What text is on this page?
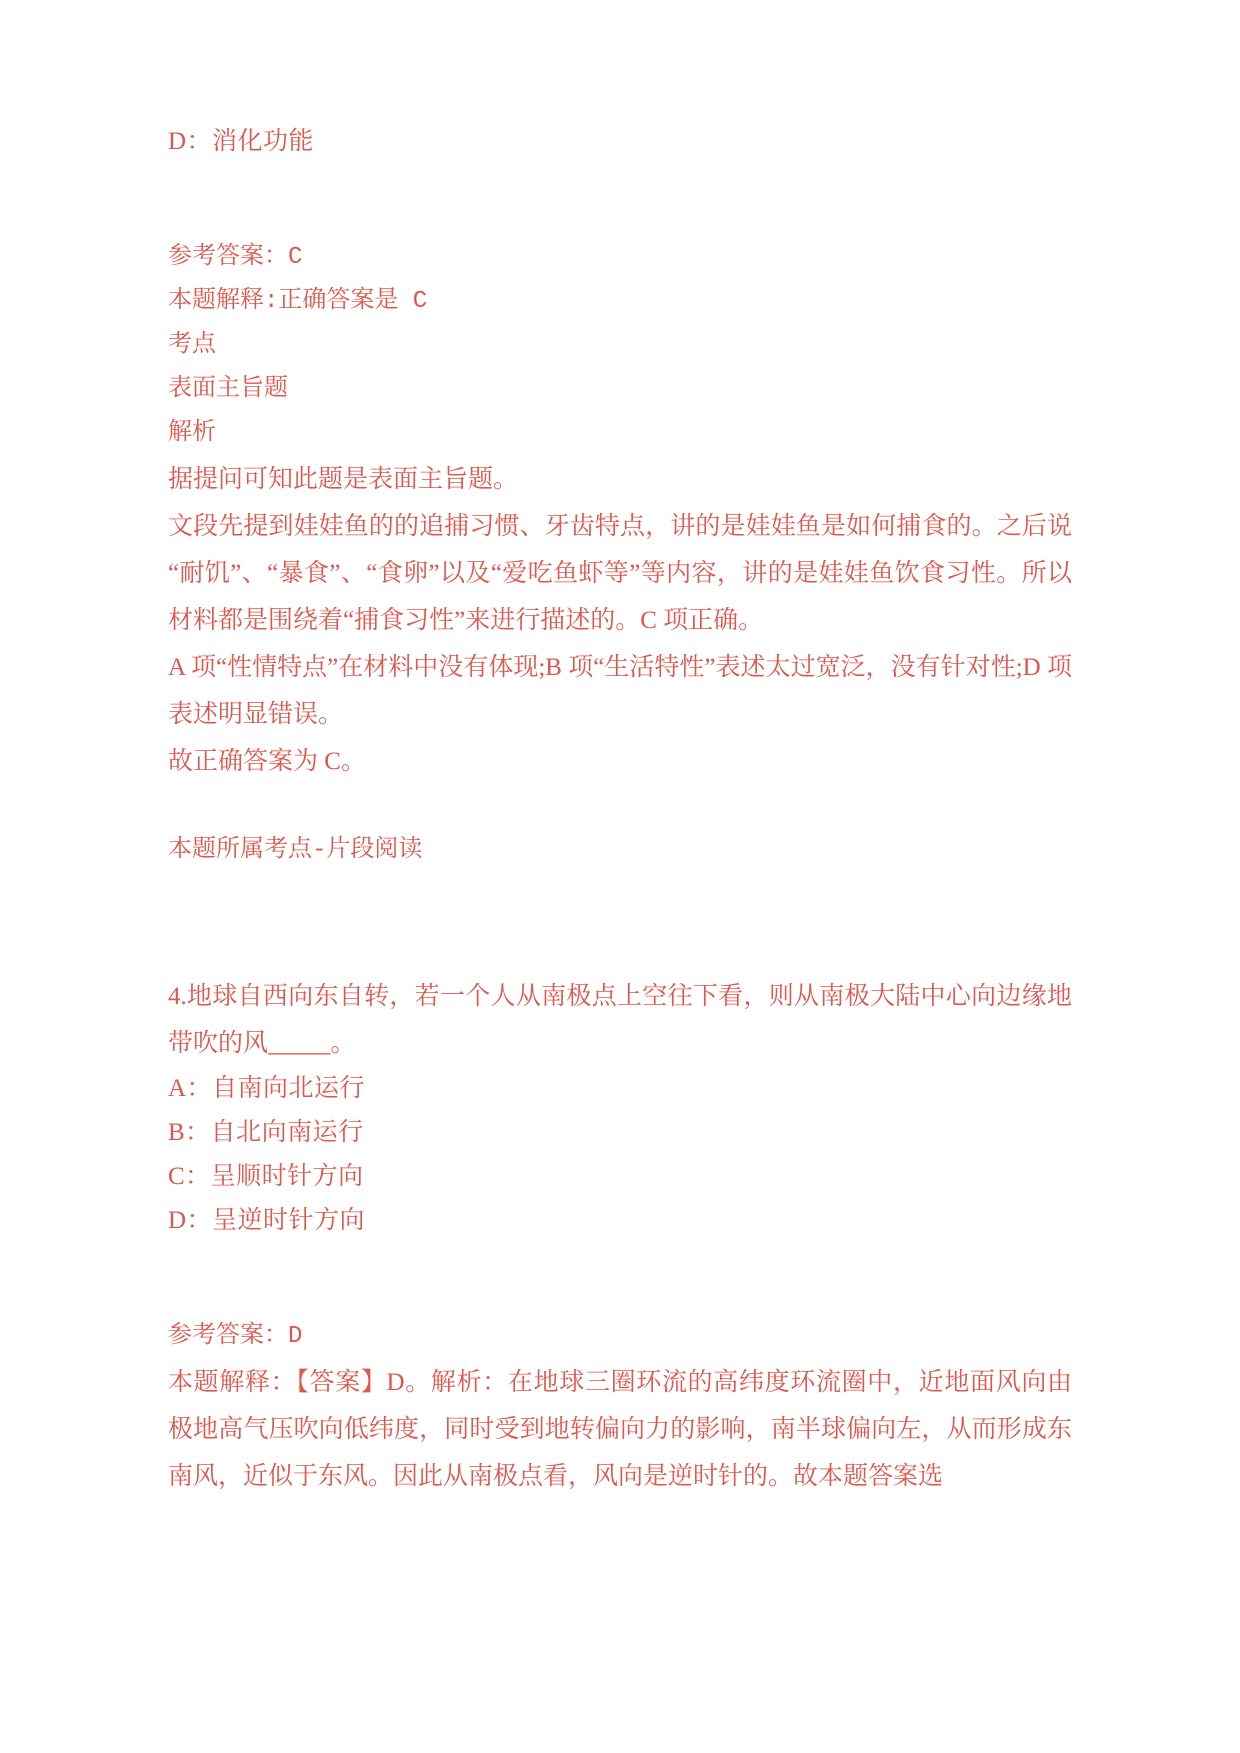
D：消化功能
参考答案：C
本题解释:正确答案是 C
考点
表面主旨题
解析
据提问可知此题是表面主旨题。
文段先提到娃娃鱼的的追捕习惯、牙齿特点，讲的是娃娃鱼是如何捕食的。之后说“耐饥”、“暴食”、“食卵”以及“爱吃鱼虾等”等内容，讲的是娃娃鱼饮食习性。所以材料都是围绕着“捕食习性”来进行描述的。C 项正确。
A 项“性情特点”在材料中没有体现;B 项“生活特性”表述太过宽泛，没有针对性;D 项表述明显错误。
故正确答案为 C。
本题所属考点-片段阅读
4.地球自西向东自转，若一个人从南极点上空往下看，则从南极大陆中心向边缘地带吹的风_____。
A：自南向北运行
B：自北向南运行
C：呈顺时针方向
D：呈逆时针方向
参考答案：D
本题解释：【答案】D。解析：在地球三圈环流的高纬度环流圈中，近地面风向由极地高气压吹向低纬度，同时受到地转偏向力的影响，南半球偏向左，从而形成东南风，近似于东风。因此从南极点看，风向是逆时针的。故本题答案选
